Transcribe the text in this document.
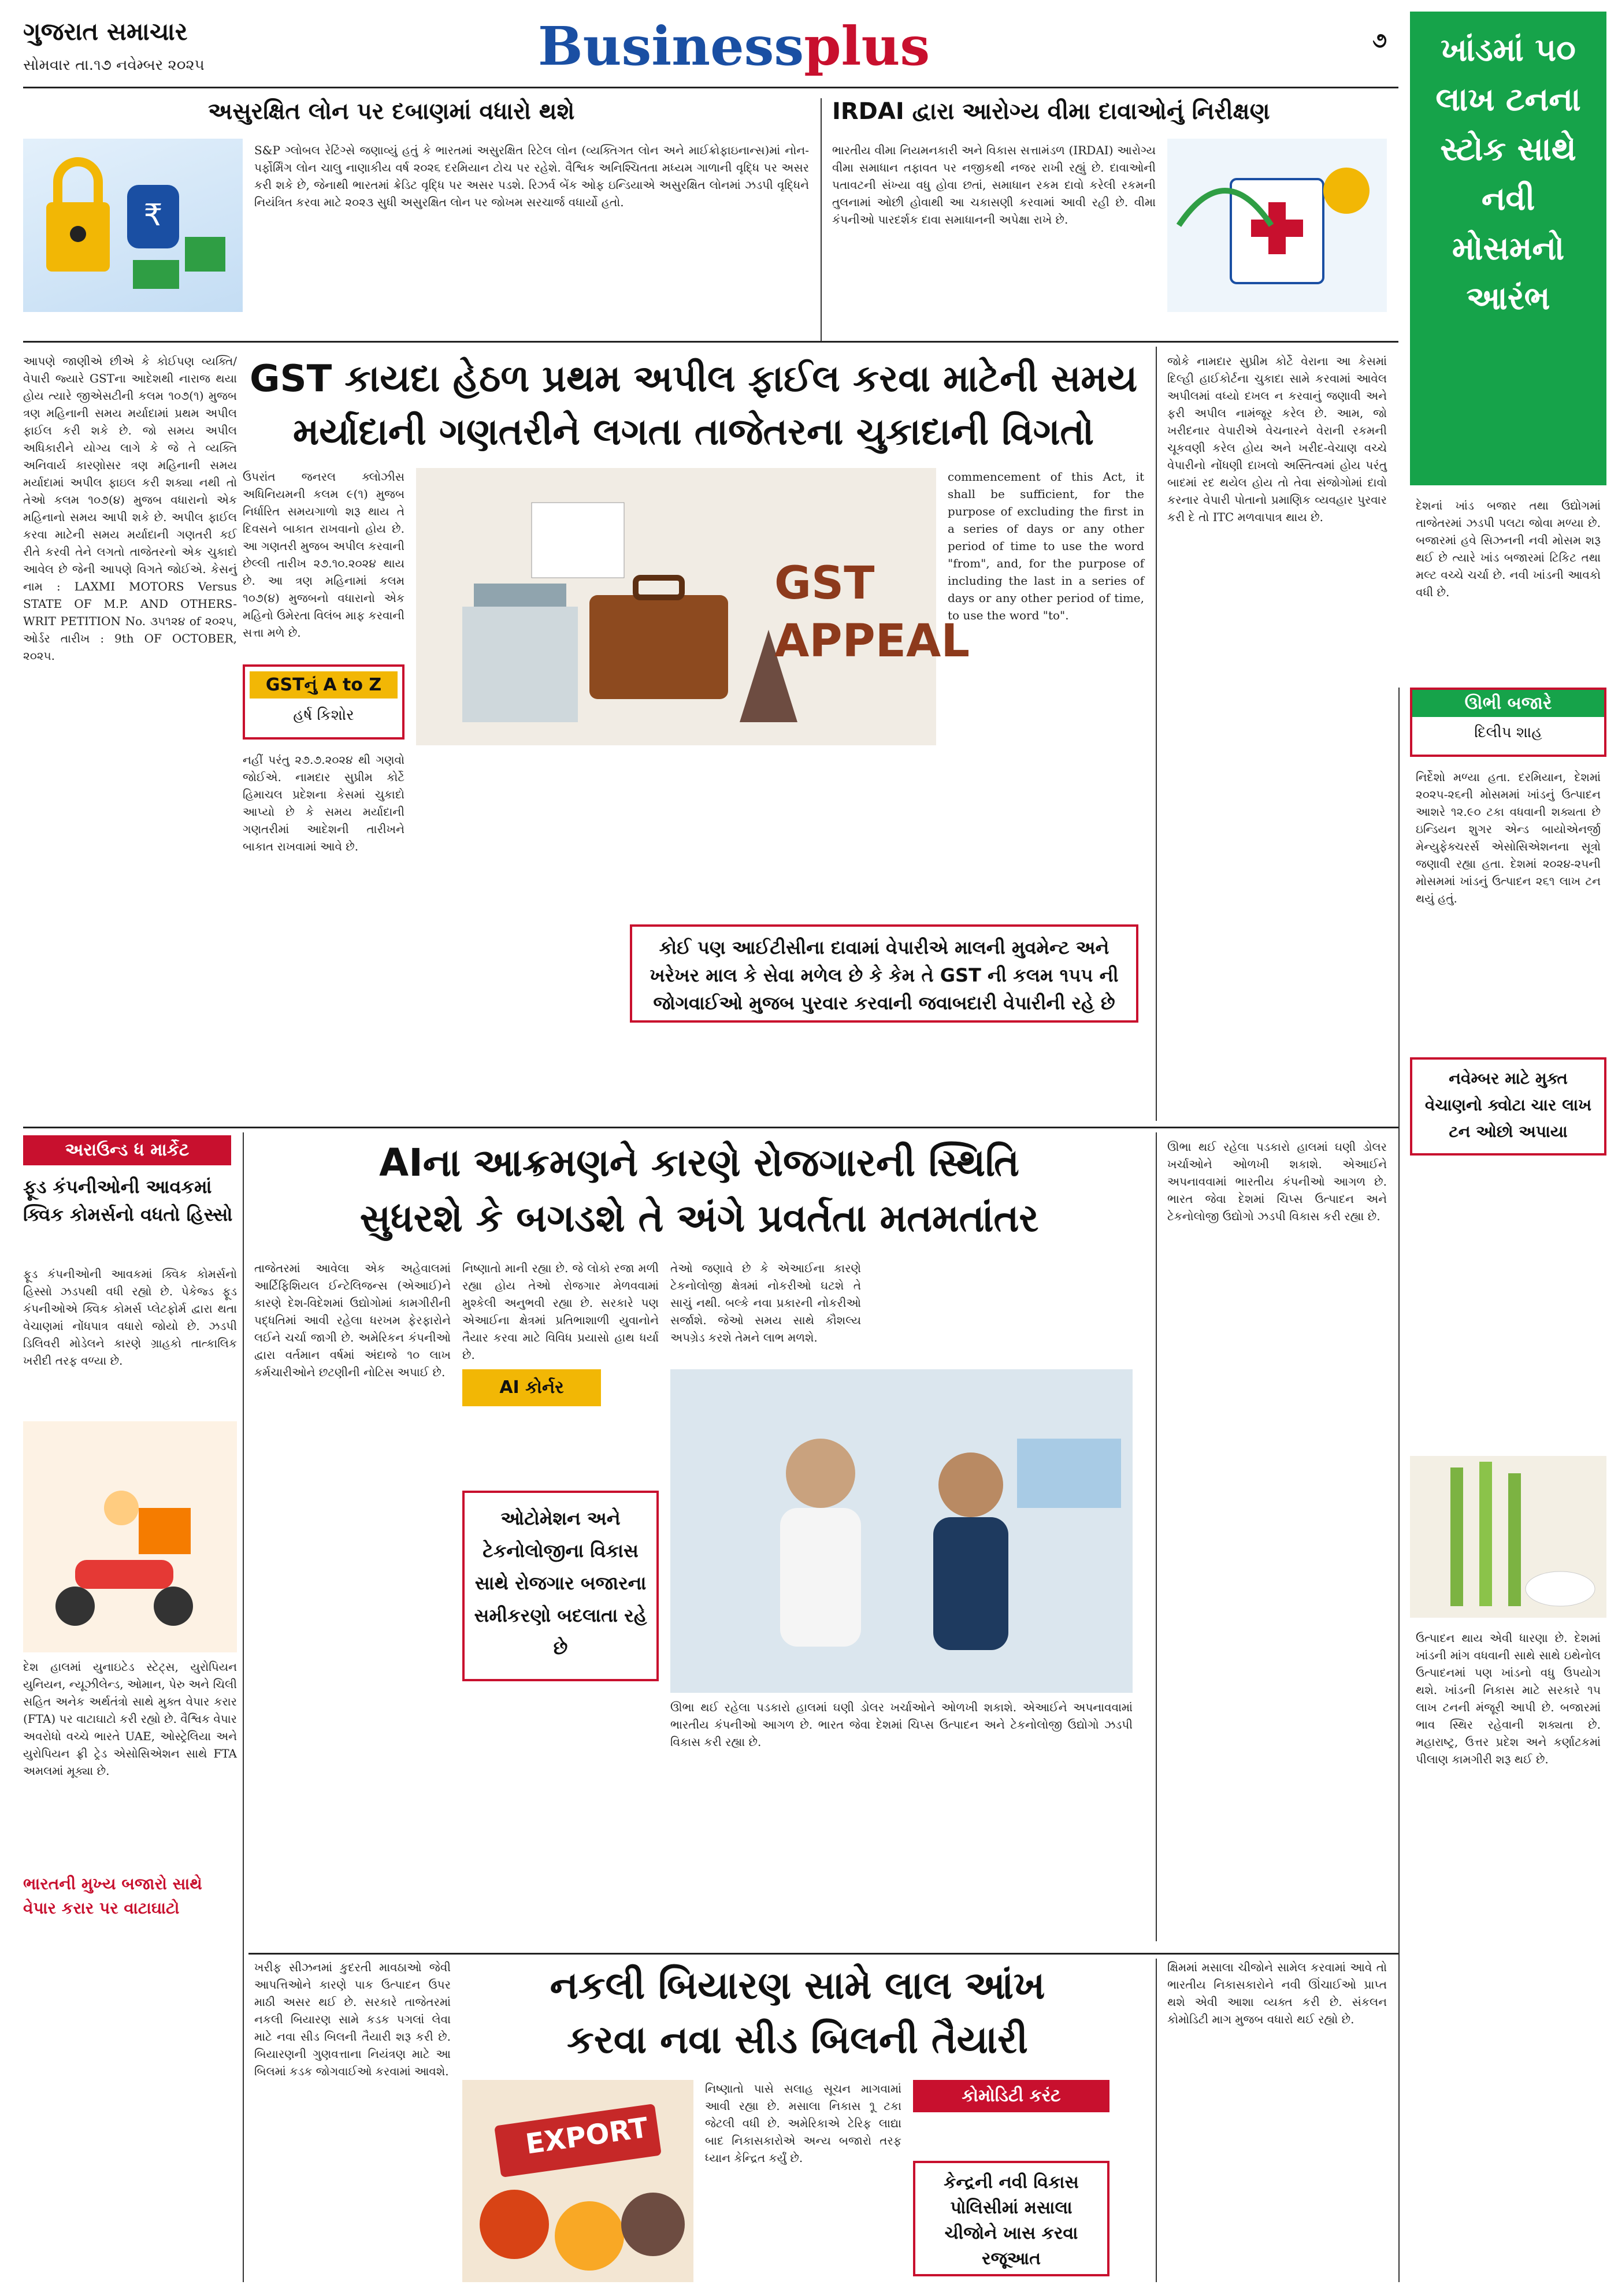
ગુજરાત સમાચાર
સોમવાર તા.૧૭ નવેમ્બર ૨૦૨૫	Businessplus	૭	ખાંડમાં ૫૦ લાખ ટનના સ્ટોક સાથે નવી મોસમનો આરંભ
દેશનાં ખાંડ બજાર તથા ઉદ્યોગમાં તાજેતરમાં ઝડપી પલટા જોવા મળ્યા છે. બજારમાં હવે સિઝનની નવી મોસમ શરૂ થઈ છે ત્યારે ખાંડ બજારમાં ટિકિટ તથા મલ્ટ વચ્ચે ચર્ચા છે. નવી ખાંડની આવકો વધી છે.
અસુરક્ષિત લોન પર દબાણમાં વધારો થશે
₹
S&P ગ્લોબલ રેટિંગ્સે જણાવ્યું હતું કે ભારતમાં અસુરક્ષિત રિટેલ લોન (વ્યક્તિગત લોન અને માઈક્રોફાઇનાન્સ)માં નોન-પર્ફોર્મિંગ લોન ચાલુ નાણાકીય વર્ષ ૨૦૨૬ દરમિયાન ટોચ પર રહેશે. વૈશ્વિક અનિશ્ચિતતા મધ્યમ ગાળાની વૃદ્ધિ પર અસર કરી શકે છે, જેનાથી ભારતમાં ક્રેડિટ વૃદ્ધિ પર અસર પડશે. રિઝર્વ બેંક ઓફ ઇન્ડિયાએ અસુરક્ષિત લોનમાં ઝડપી વૃદ્ધિને નિયંત્રિત કરવા માટે ૨૦૨૩ સુધી અસુરક્ષિત લોન પર જોખમ સરચાર્જ વધાર્યો હતો.
IRDAI દ્વારા આરોગ્ય વીમા દાવાઓનું નિરીક્ષણ
ભારતીય વીમા નિયમનકારી અને વિકાસ સત્તામંડળ (IRDAI) આરોગ્ય વીમા સમાધાન તફાવત પર નજીકથી નજર રાખી રહ્યું છે. દાવાઓની પતાવટની સંખ્યા વધુ હોવા છતાં, સમાધાન રકમ દાવો કરેલી રકમની તુલનામાં ઓછી હોવાથી આ ચકાસણી કરવામાં આવી રહી છે. વીમા કંપનીઓ પારદર્શક દાવા સમાધાનની અપેક્ષા રાખે છે.
GST કાયદા હેઠળ પ્રથમ અપીલ ફાઈલ કરવા માટેની સમય
મર્યાદાની ગણતરીને લગતા તાજેતરના ચુકાદાની વિગતો
આપણે જાણીએ છીએ કે કોઈપણ વ્યક્તિ/વેપારી જ્યારે GSTના આદેશથી નારાજ થયા હોય ત્યારે જીએસટીની કલમ ૧૦૭(૧) મુજબ ત્રણ મહિનાની સમય મર્યાદામાં પ્રથમ અપીલ ફાઈલ કરી શકે છે. જો સમય અપીલ અધિકારીને યોગ્ય લાગે કે જે તે વ્યક્તિ અનિવાર્ય કારણોસર ત્રણ મહિનાની સમય મર્યાદામાં અપીલ ફાઇલ કરી શક્યા નથી તો તેઓ કલમ ૧૦૭(૪) મુજબ વધારાનો એક મહિનાનો સમય આપી શકે છે. અપીલ ફાઈલ કરવા માટેની સમય મર્યાદાની ગણતરી કઈ રીતે કરવી તેને લગતો તાજેતરનો એક ચુકાદો આવેલ છે જેની આપણે વિગતે જોઈએ. કેસનું નામ : LAXMI MOTORS Versus STATE OF M.P. AND OTHERS- WRIT PETITION No. ૩૫૧૨૪ of ૨૦૨૫, ઓર્ડર તારીખ : 9th OF OCTOBER, ૨૦૨૫.
GSTનું A to Z
હર્ષ કિશોર
ઉપરાંત જનરલ ક્લોઝીસ અધિનિયમની કલમ ૯(૧) મુજબ નિર્ધારિત સમયગાળો શરૂ થાય તે દિવસને બાકાત રાખવાનો હોય છે. આ ગણતરી મુજબ અપીલ કરવાની છેલ્લી તારીખ ૨૭.૧૦.૨૦૨૪ થાય છે. આ ત્રણ મહિનામાં કલમ ૧૦૭(૪) મુજબનો વધારાનો એક મહિનો ઉમેરતા વિલંબ માફ કરવાની સત્તા મળે છે.
નહીં પરંતુ ૨૭.૭.૨૦૨૪ થી ગણવો જોઈએ. નામદાર સુપ્રીમ કોર્ટે હિમાચલ પ્રદેશના કેસમાં ચુકાદો આપ્યો છે કે સમય મર્યાદાની ગણતરીમાં આદેશની તારીખને બાકાત રાખવામાં આવે છે.
GST
APPEAL
commencement of this Act, it shall be sufficient, for the purpose of excluding the first in a series of days or any other period of time to use the word "from", and, for the purpose of including the last in a series of days or any other period of time, to use the word "to".
કોઈ પણ આઈટીસીના દાવામાં વેપારીએ માલની મુવમેન્ટ અને ખરેખર માલ કે સેવા મળેલ છે કે કેમ તે GST ની કલમ ૧૫૫ ની જોગવાઈઓ મુજબ પુરવાર કરવાની જવાબદારી વેપારીની રહે છે
જોકે નામદાર સુપ્રીમ કોર્ટે વેરાના આ કેસમાં દિલ્હી હાઈકોર્ટના ચુકાદા સામે કરવામાં આવેલ અપીલમાં વધ્યો દખલ ન કરવાનું જણાવી અને ફરી અપીલ નામંજૂર કરેલ છે. આમ, જો ખરીદનાર વેપારીએ વેચનારને વેરાની રકમની ચૂકવણી કરેલ હોય અને ખરીદ-વેચાણ વચ્ચે વેપારીનો નોંધણી દાખલો અસ્તિત્વમાં હોય પરંતુ બાદમાં રદ થયેલ હોય તો તેવા સંજોગોમાં દાવો કરનાર વેપારી પોતાનો પ્રમાણિક વ્યવહાર પુરવાર કરી દે તો ITC મળવાપાત્ર થાય છે.
ઊભી બજારે
દિલીપ શાહ
નિર્દેશો મળ્યા હતા. દરમિયાન, દેશમાં ૨૦૨૫-૨૬ની મોસમમાં ખાંડનું ઉત્પાદન આશરે ૧૨.૯૦ ટકા વધવાની શક્યતા છે ઇન્ડિયન શુગર એન્ડ બાયોએનર્જી મેન્યુફેક્ચરર્સ એસોસિએશનના સૂત્રો જણાવી રહ્યા હતા. દેશમાં ૨૦૨૪-૨૫ની મોસમમાં ખાંડનું ઉત્પાદન ૨૬૧ લાખ ટન થયું હતું.
નવેમ્બર માટે મુક્ત વેચાણનો ક્વોટા ચાર લાખ ટન ઓછો અપાયા
ઉત્પાદન થાય એવી ધારણા છે. દેશમાં ખાંડની માંગ વધવાની સાથે સાથે ઇથેનોલ ઉત્પાદનમાં પણ ખાંડનો વધુ ઉપયોગ થશે. ખાંડની નિકાસ માટે સરકારે ૧૫ લાખ ટનની મંજૂરી આપી છે. બજારમાં ભાવ સ્થિર રહેવાની શક્યતા છે. મહારાષ્ટ્ર, ઉત્તર પ્રદેશ અને કર્ણાટકમાં પીલાણ કામગીરી શરૂ થઈ છે.
અરાઉન્ડ ધ માર્કેટ
ફૂડ કંપનીઓની આવકમાં ક્વિક કોમર્સનો વધતો હિસ્સો
ફૂડ કંપનીઓની આવકમાં ક્વિક કોમર્સનો હિસ્સો ઝડપથી વધી રહ્યો છે. પેકેજ્ડ ફૂડ કંપનીઓએ ક્વિક કોમર્સ પ્લેટફોર્મ દ્વારા થતા વેચાણમાં નોંધપાત્ર વધારો જોયો છે. ઝડપી ડિલિવરી મોડેલને કારણે ગ્રાહકો તાત્કાલિક ખરીદી તરફ વળ્યા છે.
દેશ હાલમાં યુનાઇટેડ સ્ટેટ્સ, યુરોપિયન યુનિયન, ન્યૂઝીલેન્ડ, ઓમાન, પેરુ અને ચિલી સહિત અનેક અર્થતંત્રો સાથે મુક્ત વેપાર કરાર (FTA) પર વાટાઘાટો કરી રહ્યો છે. વૈશ્વિક વેપાર અવરોધો વચ્ચે ભારતે UAE, ઓસ્ટ્રેલિયા અને યુરોપિયન ફ્રી ટ્રેડ એસોસિએશન સાથે FTA અમલમાં મૂક્યા છે.
ભારતની મુખ્ય બજારો સાથે વેપાર કરાર પર વાટાઘાટો
AIના આક્રમણને કારણે રોજગારની સ્થિતિ
સુધરશે કે બગડશે તે અંગે પ્રવર્તતા મતમતાંતર
તાજેતરમાં આવેલા એક અહેવાલમાં આર્ટિફિશિયલ ઈન્ટેલિજન્સ (એઆઈ)ને કારણે દેશ-વિદેશમાં ઉદ્યોગોમાં કામગીરીની પદ્ધતિમાં આવી રહેલા ધરખમ ફેરફારોને લઈને ચર્ચા જાગી છે. અમેરિકન કંપનીઓ દ્વારા વર્તમાન વર્ષમાં અંદાજે ૧૦ લાખ કર્મચારીઓને છટણીની નોટિસ અપાઈ છે.
નિષ્ણાતો માની રહ્યા છે. જે લોકો રજા મળી રહ્યા હોય તેઓ રોજગાર મેળવવામાં મુશ્કેલી અનુભવી રહ્યા છે. સરકારે પણ એઆઈના ક્ષેત્રમાં પ્રતિભાશાળી યુવાનોને તૈયાર કરવા માટે વિવિધ પ્રયાસો હાથ ધર્યા છે.
AI કોર્નર
ઓટોમેશન અને ટેકનોલોજીના વિકાસ સાથે રોજગાર બજારના સમીકરણો બદલાતા રહે છે
તેઓ જણાવે છે કે એઆઈના કારણે ટેકનોલોજી ક્ષેત્રમાં નોકરીઓ ઘટશે તે સાચું નથી. બલ્કે નવા પ્રકારની નોકરીઓ સર્જાશે. જેઓ સમય સાથે કૌશલ્ય અપગ્રેડ કરશે તેમને લાભ મળશે.
ઊભા થઈ રહેલા પડકારો હાલમાં ઘણી ડોલર ખર્ચાઓને ઓળખી શકાશે. એઆઈને અપનાવવામાં ભારતીય કંપનીઓ આગળ છે. ભારત જેવા દેશમાં ચિપ્સ ઉત્પાદન અને ટેકનોલોજી ઉદ્યોગો ઝડપી વિકાસ કરી રહ્યા છે.
ઊભા થઈ રહેલા પડકારો હાલમાં ઘણી ડોલર ખર્ચાઓને ઓળખી શકાશે. એઆઈને અપનાવવામાં ભારતીય કંપનીઓ આગળ છે. ભારત જેવા દેશમાં ચિપ્સ ઉત્પાદન અને ટેકનોલોજી ઉદ્યોગો ઝડપી વિકાસ કરી રહ્યા છે.
ખરીફ સીઝનમાં કુદરતી માવઠાઓ જેવી આપત્તિઓને કારણે પાક ઉત્પાદન ઉપર માઠી અસર થઈ છે. સરકારે તાજેતરમાં નકલી બિયારણ સામે કડક પગલાં લેવા માટે નવા સીડ બિલની તૈયારી શરૂ કરી છે. બિયારણની ગુણવત્તાના નિયંત્રણ માટે આ બિલમાં કડક જોગવાઈઓ કરવામાં આવશે.
નકલી બિયારણ સામે લાલ આંખ
કરવા નવા સીડ બિલની તૈયારી
EXPORT
નિષ્ણાતો પાસે સલાહ સૂચન માગવામાં આવી રહ્યા છે. મસાલા નિકાસ ૧ૂ ટકા જેટલી વધી છે. અમેરિકાએ ટેરિફ લાદ્યા બાદ નિકાસકારોએ અન્ય બજારો તરફ ધ્યાન કેન્દ્રિત કર્યું છે.
કોમોડિટી કરંટ
કેન્દ્રની નવી વિકાસ પોલિસીમાં મસાલા ચીજોને ખાસ કરવા રજૂઆત
ક્ષિમમાં મસાલા ચીજોને સામેલ કરવામાં આવે તો ભારતીય નિકાસકારોને નવી ઊંચાઈઓ પ્રાપ્ત થશે એવી આશા વ્યક્ત કરી છે. સંકલન કોમોડિટી માગ મુજબ વધારો થઈ રહ્યો છે.
